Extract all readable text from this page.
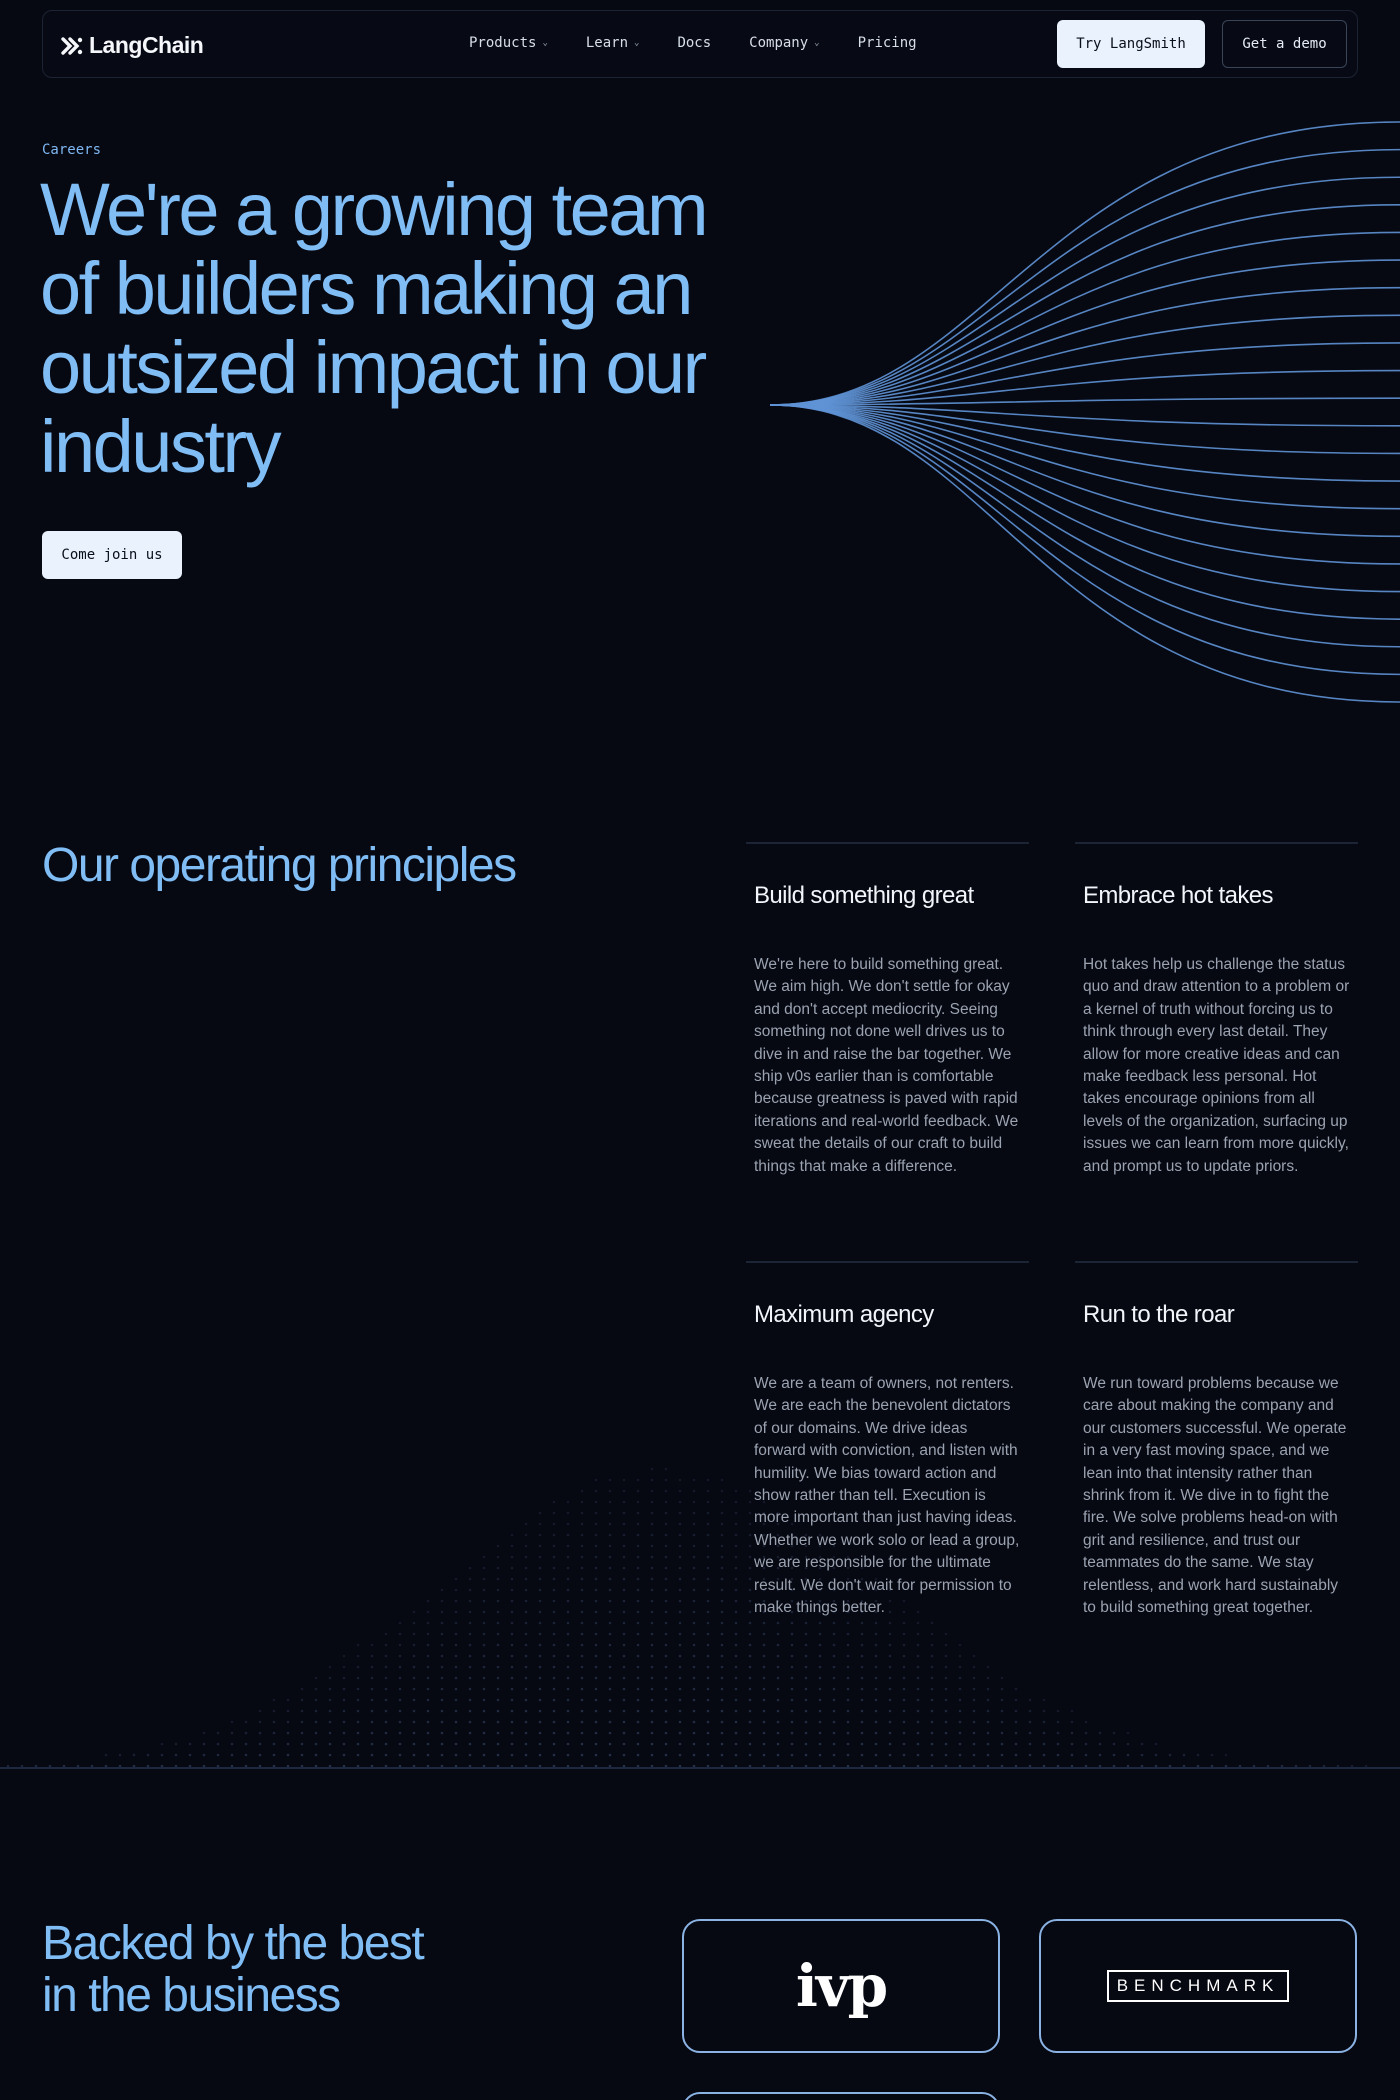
LangChain	Products ⌄	Learn ⌄	Docs	Company ⌄	Pricing	Try LangSmith	Get a demo
Careers
We're a growing team of builders making an outsized impact in our industry
Come join us
Our operating principles
Build something great
We're here to build something great. We aim high. We don't settle for okay and don't accept mediocrity. Seeing something not done well drives us to dive in and raise the bar together. We ship v0s earlier than is comfortable because greatness is paved with rapid iterations and real-world feedback. We sweat the details of our craft to build things that make a difference.
Embrace hot takes
Hot takes help us challenge the status quo and draw attention to a problem or a kernel of truth without forcing us to think through every last detail. They allow for more creative ideas and can make feedback less personal. Hot takes encourage opinions from all levels of the organization, surfacing up issues we can learn from more quickly, and prompt us to update priors.
Maximum agency
We are a team of owners, not renters. We are each the benevolent dictators of our domains. We drive ideas forward with conviction, and listen with humility. We bias toward action and show rather than tell. Execution is more important than just having ideas. Whether we work solo or lead a group, we are responsible for the ultimate result. We don't wait for permission to make things better.
Run to the roar
We run toward problems because we care about making the company and our customers successful. We operate in a very fast moving space, and we lean into that intensity rather than shrink from it. We dive in to fight the fire. We solve problems head-on with grit and resilience, and trust our teammates do the same. We stay relentless, and work hard sustainably to build something great together.
Backed by the best in the business	ivp	BENCHMARK
